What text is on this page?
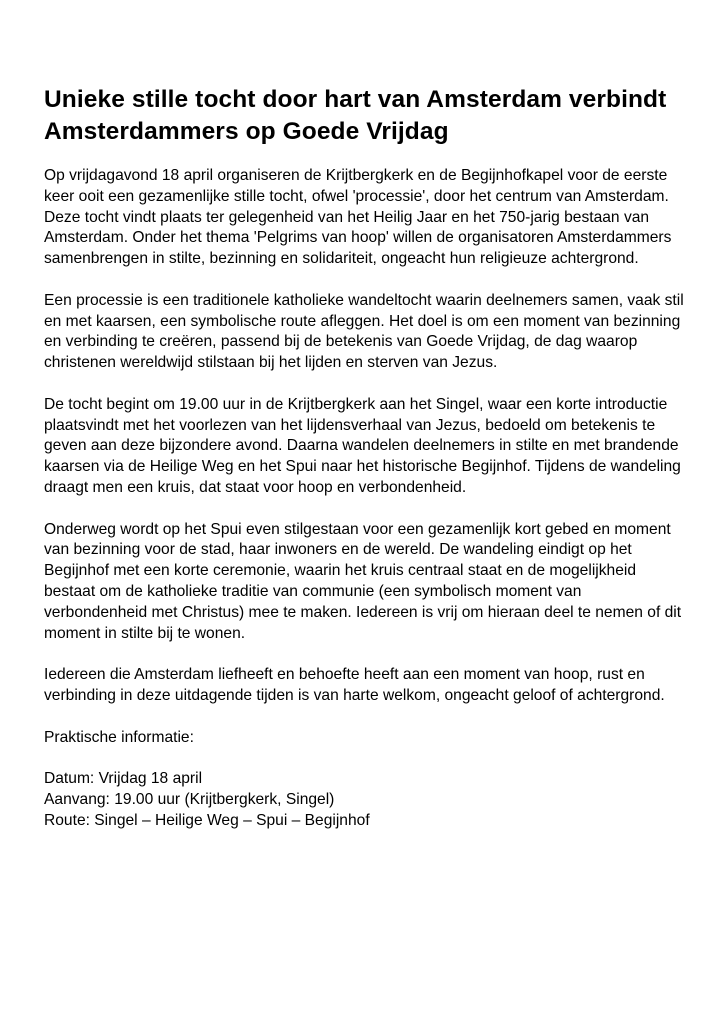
Unieke stille tocht door hart van Amsterdam verbindt Amsterdammers op Goede Vrijdag

Op vrijdagavond 18 april organiseren de Krijtbergkerk en de Begijnhofkapel voor de eerste keer ooit een gezamenlijke stille tocht, ofwel 'processie', door het centrum van Amsterdam. Deze tocht vindt plaats ter gelegenheid van het Heilig Jaar en het 750-jarig bestaan van Amsterdam. Onder het thema 'Pelgrims van hoop' willen de organisatoren Amsterdammers samenbrengen in stilte, bezinning en solidariteit, ongeacht hun religieuze achtergrond.

Een processie is een traditionele katholieke wandeltocht waarin deelnemers samen, vaak stil en met kaarsen, een symbolische route afleggen. Het doel is om een moment van bezinning en verbinding te creëren, passend bij de betekenis van Goede Vrijdag, de dag waarop christenen wereldwijd stilstaan bij het lijden en sterven van Jezus.

De tocht begint om 19.00 uur in de Krijtbergkerk aan het Singel, waar een korte introductie plaatsvindt met het voorlezen van het lijdensverhaal van Jezus, bedoeld om betekenis te geven aan deze bijzondere avond. Daarna wandelen deelnemers in stilte en met brandende kaarsen via de Heilige Weg en het Spui naar het historische Begijnhof. Tijdens de wandeling draagt men een kruis, dat staat voor hoop en verbondenheid.

Onderweg wordt op het Spui even stilgestaan voor een gezamenlijk kort gebed en moment van bezinning voor de stad, haar inwoners en de wereld. De wandeling eindigt op het Begijnhof met een korte ceremonie, waarin het kruis centraal staat en de mogelijkheid bestaat om de katholieke traditie van communie (een symbolisch moment van verbondenheid met Christus) mee te maken. Iedereen is vrij om hieraan deel te nemen of dit moment in stilte bij te wonen.

Iedereen die Amsterdam liefheeft en behoefte heeft aan een moment van hoop, rust en verbinding in deze uitdagende tijden is van harte welkom, ongeacht geloof of achtergrond.

Praktische informatie:

Datum: Vrijdag 18 april

Aanvang: 19.00 uur (Krijtbergkerk, Singel)

Route: Singel – Heilige Weg – Spui – Begijnhof
